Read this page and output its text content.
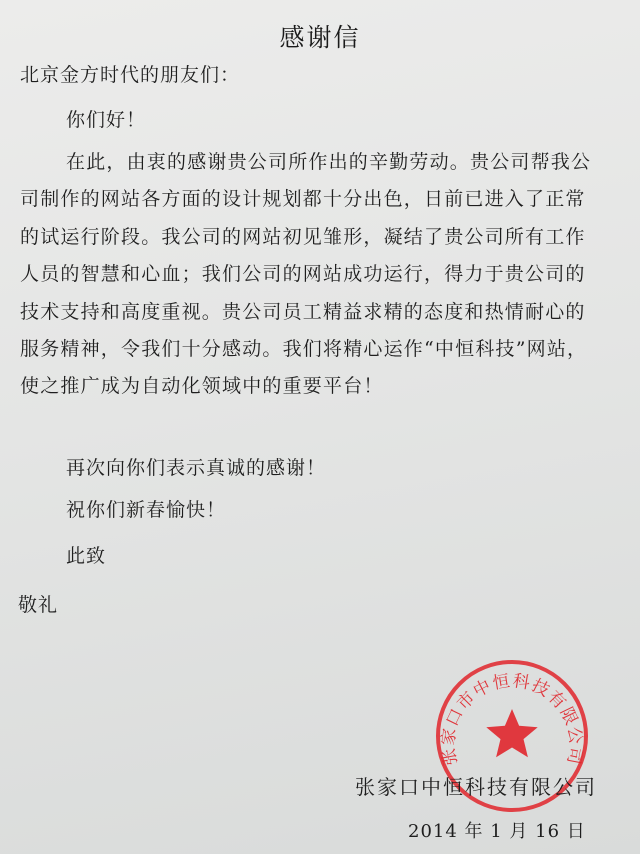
感谢信
北京金方时代的朋友们：
你们好！
在此，由衷的感谢贵公司所作出的辛勤劳动。贵公司帮我公
司制作的网站各方面的设计规划都十分出色，日前已进入了正常
的试运行阶段。我公司的网站初见雏形，凝结了贵公司所有工作
人员的智慧和心血；我们公司的网站成功运行，得力于贵公司的
技术支持和高度重视。贵公司员工精益求精的态度和热情耐心的
服务精神，令我们十分感动。我们将精心运作“中恒科技”网站，
使之推广成为自动化领域中的重要平台！
再次向你们表示真诚的感谢！
祝你们新春愉快！
此致
敬礼
张家口市中恒科技有限公司
张家口中恒科技有限公司
2014 年 1 月 16 日
